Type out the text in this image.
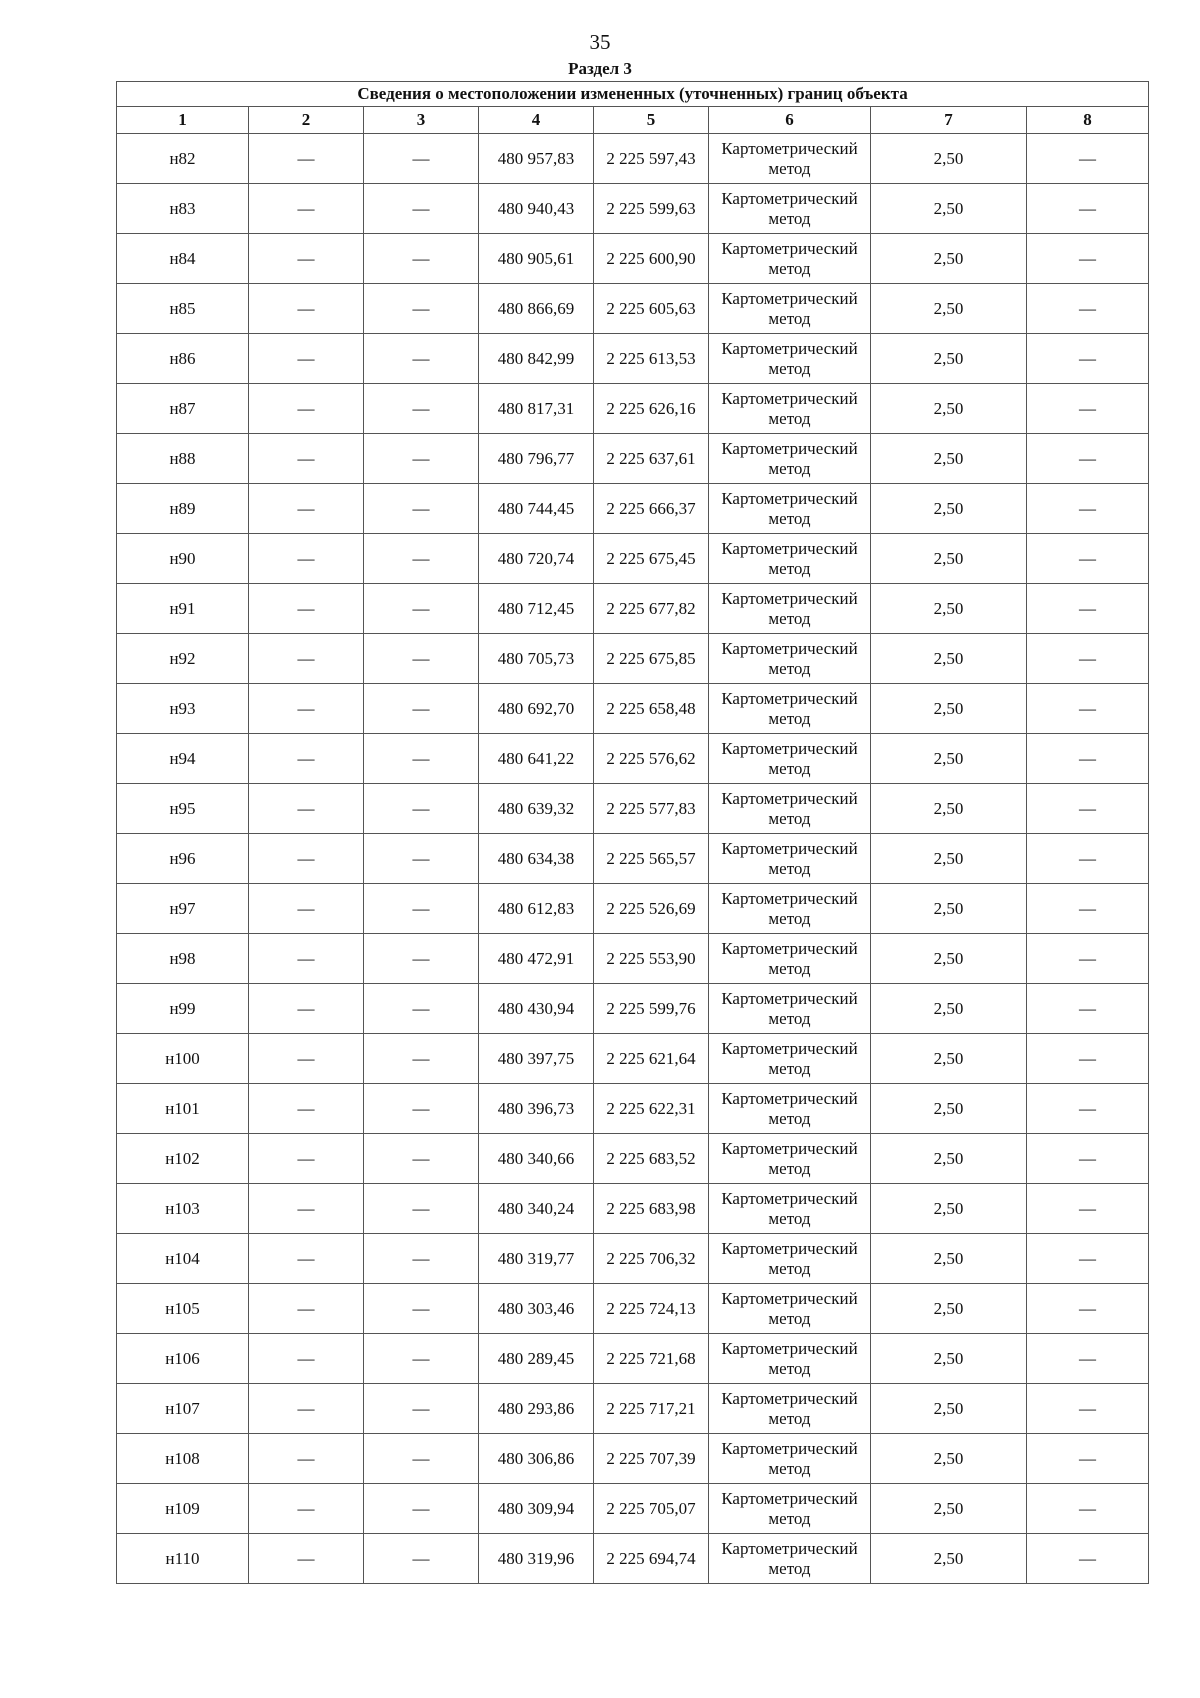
35
Раздел 3
Сведения о местоположении измененных (уточненных) границ объекта							
1	2	3	4	5	6	7	8
н82	—	—	480 957,83	2 225 597,43	Картометрический метод	2,50	—
н83	—	—	480 940,43	2 225 599,63	Картометрический метод	2,50	—
н84	—	—	480 905,61	2 225 600,90	Картометрический метод	2,50	—
н85	—	—	480 866,69	2 225 605,63	Картометрический метод	2,50	—
н86	—	—	480 842,99	2 225 613,53	Картометрический метод	2,50	—
н87	—	—	480 817,31	2 225 626,16	Картометрический метод	2,50	—
н88	—	—	480 796,77	2 225 637,61	Картометрический метод	2,50	—
н89	—	—	480 744,45	2 225 666,37	Картометрический метод	2,50	—
н90	—	—	480 720,74	2 225 675,45	Картометрический метод	2,50	—
н91	—	—	480 712,45	2 225 677,82	Картометрический метод	2,50	—
н92	—	—	480 705,73	2 225 675,85	Картометрический метод	2,50	—
н93	—	—	480 692,70	2 225 658,48	Картометрический метод	2,50	—
н94	—	—	480 641,22	2 225 576,62	Картометрический метод	2,50	—
н95	—	—	480 639,32	2 225 577,83	Картометрический метод	2,50	—
н96	—	—	480 634,38	2 225 565,57	Картометрический метод	2,50	—
н97	—	—	480 612,83	2 225 526,69	Картометрический метод	2,50	—
н98	—	—	480 472,91	2 225 553,90	Картометрический метод	2,50	—
н99	—	—	480 430,94	2 225 599,76	Картометрический метод	2,50	—
н100	—	—	480 397,75	2 225 621,64	Картометрический метод	2,50	—
н101	—	—	480 396,73	2 225 622,31	Картометрический метод	2,50	—
н102	—	—	480 340,66	2 225 683,52	Картометрический метод	2,50	—
н103	—	—	480 340,24	2 225 683,98	Картометрический метод	2,50	—
н104	—	—	480 319,77	2 225 706,32	Картометрический метод	2,50	—
н105	—	—	480 303,46	2 225 724,13	Картометрический метод	2,50	—
н106	—	—	480 289,45	2 225 721,68	Картометрический метод	2,50	—
н107	—	—	480 293,86	2 225 717,21	Картометрический метод	2,50	—
н108	—	—	480 306,86	2 225 707,39	Картометрический метод	2,50	—
н109	—	—	480 309,94	2 225 705,07	Картометрический метод	2,50	—
н110	—	—	480 319,96	2 225 694,74	Картометрический метод	2,50	—
